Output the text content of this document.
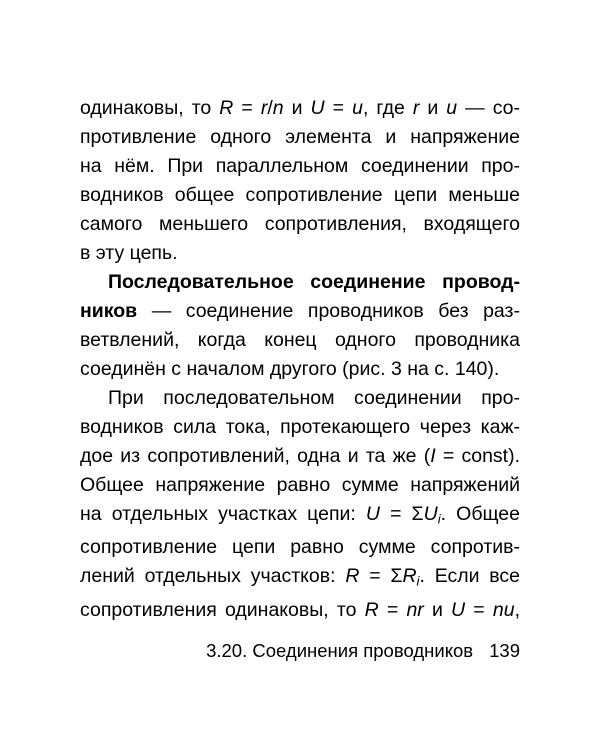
одинаковы, то R = r/n и U = u, где r и u — со-
противление одного элемента и напряжение
на нём. При параллельном соединении про-
водников общее сопротивление цепи меньше
самого меньшего сопротивления, входящего
в эту цепь.
Последовательное соединение провод-
ников — соединение проводников без раз-
ветвлений, когда конец одного проводника
соединён с началом другого (рис. 3 на с. 140).
При последовательном соединении про-
водников сила тока, протекающего через каж-
дое из сопротивлений, одна и та же (I = const).
Общее напряжение равно сумме напряжений
на отдельных участках цепи: $U = \Sigma U_i$. Общее
сопротивление цепи равно сумме сопротив-
лений отдельных участков: $R = \Sigma R_i$. Если все
сопротивления одинаковы, то R = nr и U = nu,
3.20. Соединения проводников 139
